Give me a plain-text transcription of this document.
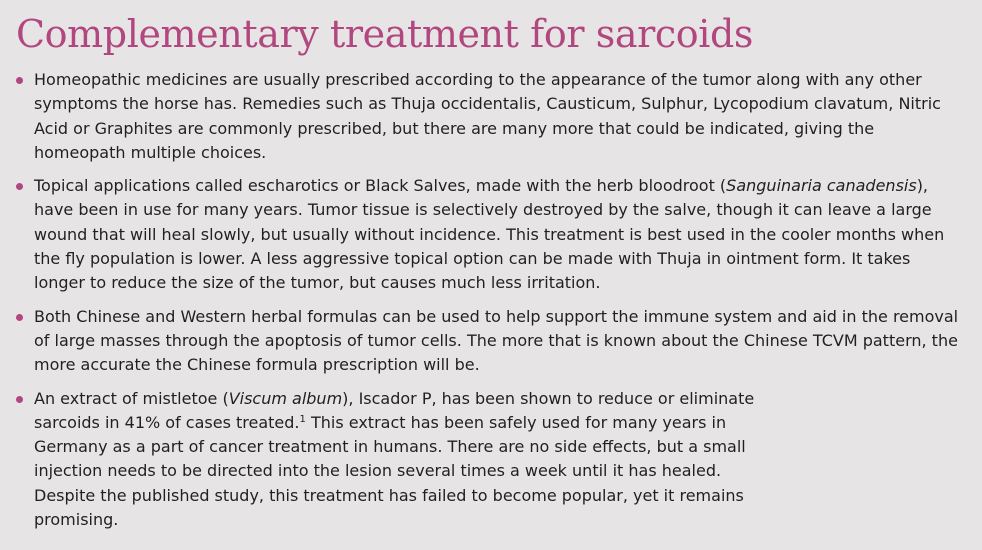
Complementary treatment for sarcoids
Homeopathic medicines are usually prescribed according to the appearance of the tumor along with any other symptoms the horse has. Remedies such as Thuja occidentalis, Causticum, Sulphur, Lycopodium clavatum, Nitric Acid or Graphites are commonly prescribed, but there are many more that could be indicated, giving the homeopath multiple choices.
Topical applications called escharotics or Black Salves, made with the herb bloodroot (Sanguinaria canadensis), have been in use for many years. Tumor tissue is selectively destroyed by the salve, though it can leave a large wound that will heal slowly, but usually without incidence. This treatment is best used in the cooler months when the fly population is lower. A less aggressive topical option can be made with Thuja in ointment form. It takes longer to reduce the size of the tumor, but causes much less irritation.
Both Chinese and Western herbal formulas can be used to help support the immune system and aid in the removal of large masses through the apoptosis of tumor cells. The more that is known about the Chinese TCVM pattern, the more accurate the Chinese formula prescription will be.
An extract of mistletoe (Viscum album), Iscador P, has been shown to reduce or eliminate sarcoids in 41% of cases treated.$^1$ This extract has been safely used for many years in Germany as a part of cancer treatment in humans. There are no side effects, but a small injection needs to be directed into the lesion several times a week until it has healed. Despite the published study, this treatment has failed to become popular, yet it remains promising.
